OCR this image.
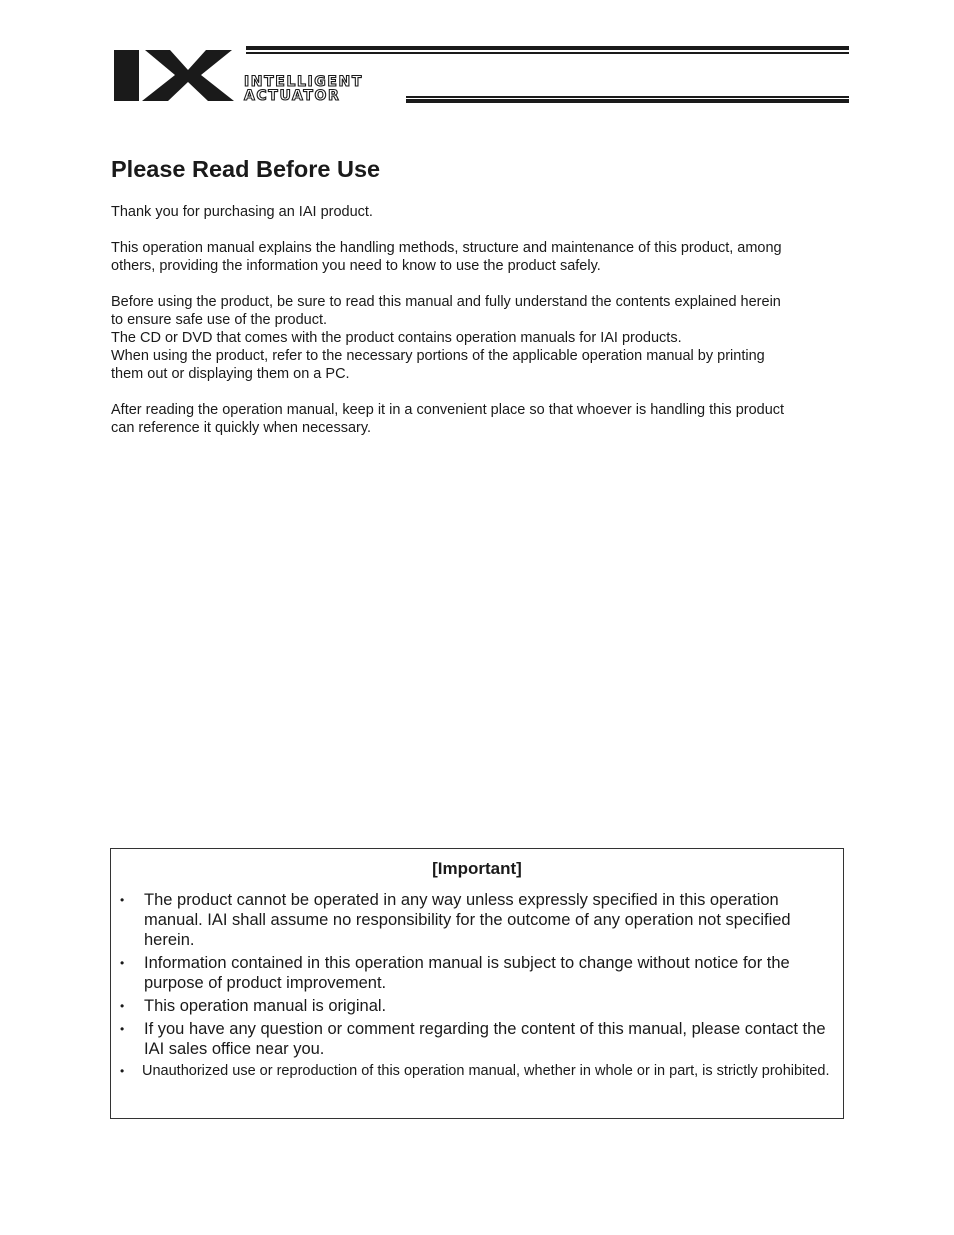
INTELLIGENT
ACTUATOR
Please Read Before Use

Thank you for purchasing an IAI product.

This operation manual explains the handling methods, structure and maintenance of this product, among
others, providing the information you need to know to use the product safely.

Before using the product, be sure to read this manual and fully understand the contents explained herein
to ensure safe use of the product.
The CD or DVD that comes with the product contains operation manuals for IAI products.
When using the product, refer to the necessary portions of the applicable operation manual by printing
them out or displaying them on a PC.

After reading the operation manual, keep it in a convenient place so that whoever is handling this product
can reference it quickly when necessary.

[Important]
• The product cannot be operated in any way unless expressly specified in this operation manual. IAI shall assume no responsibility for the outcome of any operation not specified herein.
• Information contained in this operation manual is subject to change without notice for the purpose of product improvement.
• This operation manual is original.
• If you have any question or comment regarding the content of this manual, please contact the IAI sales office near you.
• Unauthorized use or reproduction of this operation manual, whether in whole or in part, is strictly prohibited.
